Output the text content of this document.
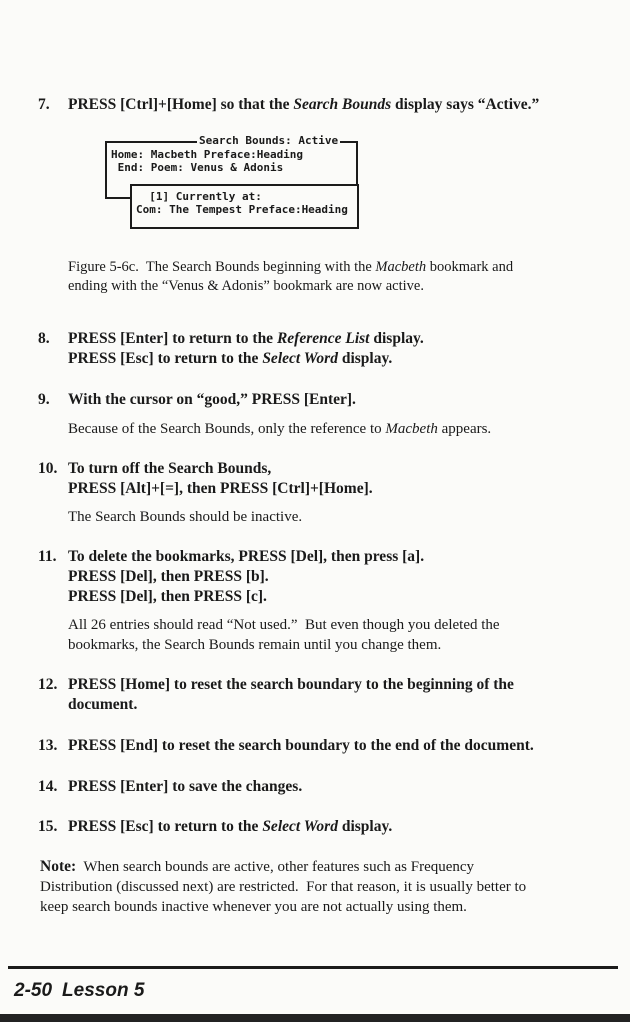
7. PRESS [Ctrl]+[Home] so that the Search Bounds display says “Active.”
Search Bounds: Active
Home: Macbeth Preface:Heading
End: Poem: Venus & Adonis
[1] Currently at:
Com: The Tempest Preface:Heading
Figure 5-6c.  The Search Bounds beginning with the Macbeth bookmark and
ending with the “Venus & Adonis” bookmark are now active.
8. PRESS [Enter] to return to the Reference List display.
PRESS [Esc] to return to the Select Word display.
9. With the cursor on “good,” PRESS [Enter].
Because of the Search Bounds, only the reference to Macbeth appears.
10. To turn off the Search Bounds,
PRESS [Alt]+[=], then PRESS [Ctrl]+[Home].
The Search Bounds should be inactive.
11. To delete the bookmarks, PRESS [Del], then press [a].
PRESS [Del], then PRESS [b].
PRESS [Del], then PRESS [c].
All 26 entries should read “Not used.”  But even though you deleted the
bookmarks, the Search Bounds remain until you change them.
12. PRESS [Home] to reset the search boundary to the beginning of the
document.
13. PRESS [End] to reset the search boundary to the end of the document.
14. PRESS [Enter] to save the changes.
15. PRESS [Esc] to return to the Select Word display.
Note:  When search bounds are active, other features such as Frequency
Distribution (discussed next) are restricted.  For that reason, it is usually better to
keep search bounds inactive whenever you are not actually using them.
2-50 Lesson 5
